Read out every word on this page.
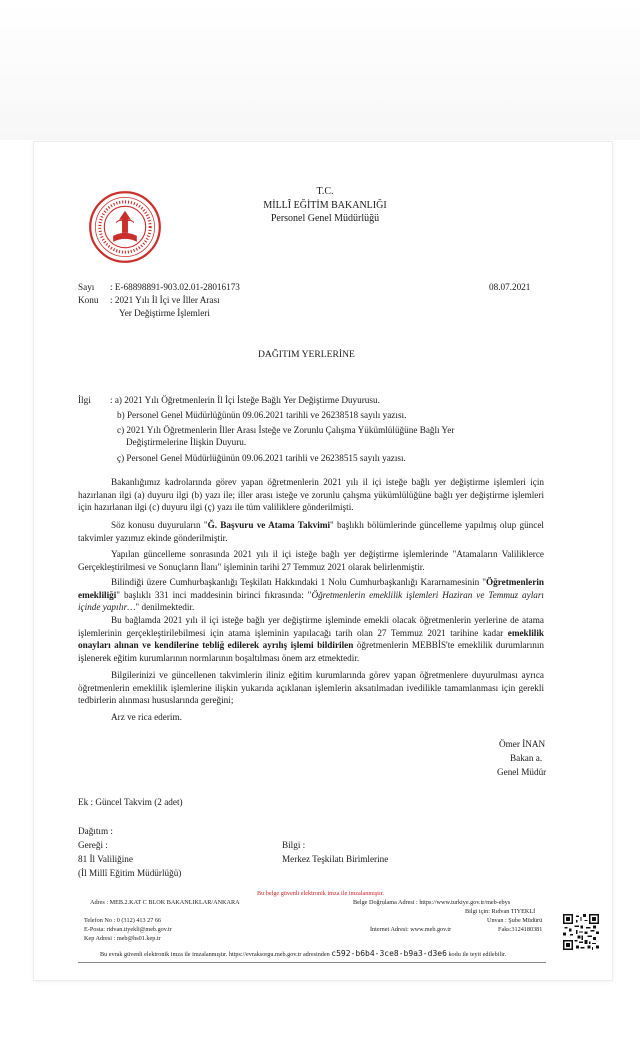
T.C.
MİLLÎ EĞİTİM BAKANLIĞI
Personel Genel Müdürlüğü
Sayı : E-68898891-903.02.01-28016173	08.07.2021
Konu : 2021 Yılı İl İçi ve İller Arası
Yer Değiştirme İşlemleri
DAĞITIM YERLERİNE
İlgi : a) 2021 Yılı Öğretmenlerin İl İçi İsteğe Bağlı Yer Değiştirme Duyurusu.
b) Personel Genel Müdürlüğünün 09.06.2021 tarihli ve 26238518 sayılı yazısı.
c) 2021 Yılı Öğretmenlerin İller Arası İsteğe ve Zorunlu Çalışma Yükümlülüğüne Bağlı Yer
Değiştirmelerine İlişkin Duyuru.
ç) Personel Genel Müdürlüğünün 09.06.2021 tarihli ve 26238515 sayılı yazısı.
Bakanlığımız kadrolarında görev yapan öğretmenlerin 2021 yılı il içi isteğe bağlı yer değiştirme işlemleri için hazırlanan ilgi (a) duyuru ilgi (b) yazı ile; iller arası isteğe ve zorunlu çalışma yükümlülüğüne bağlı yer değiştirme işlemleri için hazırlanan ilgi (c) duyuru ilgi (ç) yazı ile tüm valiliklere gönderilmişti.
Söz konusu duyuruların "Ğ. Başvuru ve Atama Takvimi" başlıklı bölümlerinde güncelleme yapılmış olup güncel takvimler yazımız ekinde gönderilmiştir.
Yapılan güncelleme sonrasında 2021 yılı il içi isteğe bağlı yer değiştirme işlemlerinde "Atamaların Valiliklerce Gerçekleştirilmesi ve Sonuçların İlanı" işleminin tarihi 27 Temmuz 2021 olarak belirlenmiştir.
Bilindiği üzere Cumhurbaşkanlığı Teşkilatı Hakkındaki 1 Nolu Cumhurbaşkanlığı Kararnamesinin "Öğretmenlerin emekliliği" başlıklı 331 inci maddesinin birinci fıkrasında: "Öğretmenlerin emeklilik işlemleri Haziran ve Temmuz ayları içinde yapılır…" denilmektedir.
Bu bağlamda 2021 yılı il içi isteğe bağlı yer değiştirme işleminde emekli olacak öğretmenlerin yerlerine de atama işlemlerinin gerçekleştirilebilmesi için atama işleminin yapılacağı tarih olan 27 Temmuz 2021 tarihine kadar emeklilik onayları alınan ve kendilerine tebliğ edilerek ayrılış işlemi bildirilen öğretmenlerin MEBBİS'te emeklilik durumlarının işlenerek eğitim kurumlarının normlarının boşaltılması önem arz etmektedir.
Bilgilerinizi ve güncellenen takvimlerin iliniz eğitim kurumlarında görev yapan öğretmenlere duyurulması ayrıca öğretmenlerin emeklilik işlemlerine ilişkin yukarıda açıklanan işlemlerin aksatılmadan ivedilikle tamamlanması için gerekli tedbirlerin alınması hususlarında gereğini;
Arz ve rica ederim.
Ömer İNAN
Bakan a.
Genel Müdür
Ek : Güncel Takvim (2 adet)
Dağıtım :
Gereği :
81 İl Valiliğine
(İl Millî Eğitim Müdürlüğü)
Bilgi :
Merkez Teşkilatı Birimlerine
Bu belge güvenli elektronik imza ile imzalanmıştır.
Adres : MEB.2.KAT C BLOK BAKANLIKLAR/ANKARA	Belge Doğrulama Adresi : https://www.turkiye.gov.tr/meb-ebys
Bilgi için: Rıdvan TIYEKLİ
Telefon No : 0 (312) 413 27 66	Unvan : Şube Müdürü
E-Posta: ridvan.tiyekli@meb.gov.tr	İnternet Adresi: www.meb.gov.tr	Faks:3124180381
Kep Adresi : meb@hs01.kep.tr
Bu evrak güvenli elektronik imza ile imzalanmıştır. https://evraksorgu.meb.gov.tr adresinden c592-b6b4-3ce8-b9a3-d3e6 kodu ile teyit edilebilir.
